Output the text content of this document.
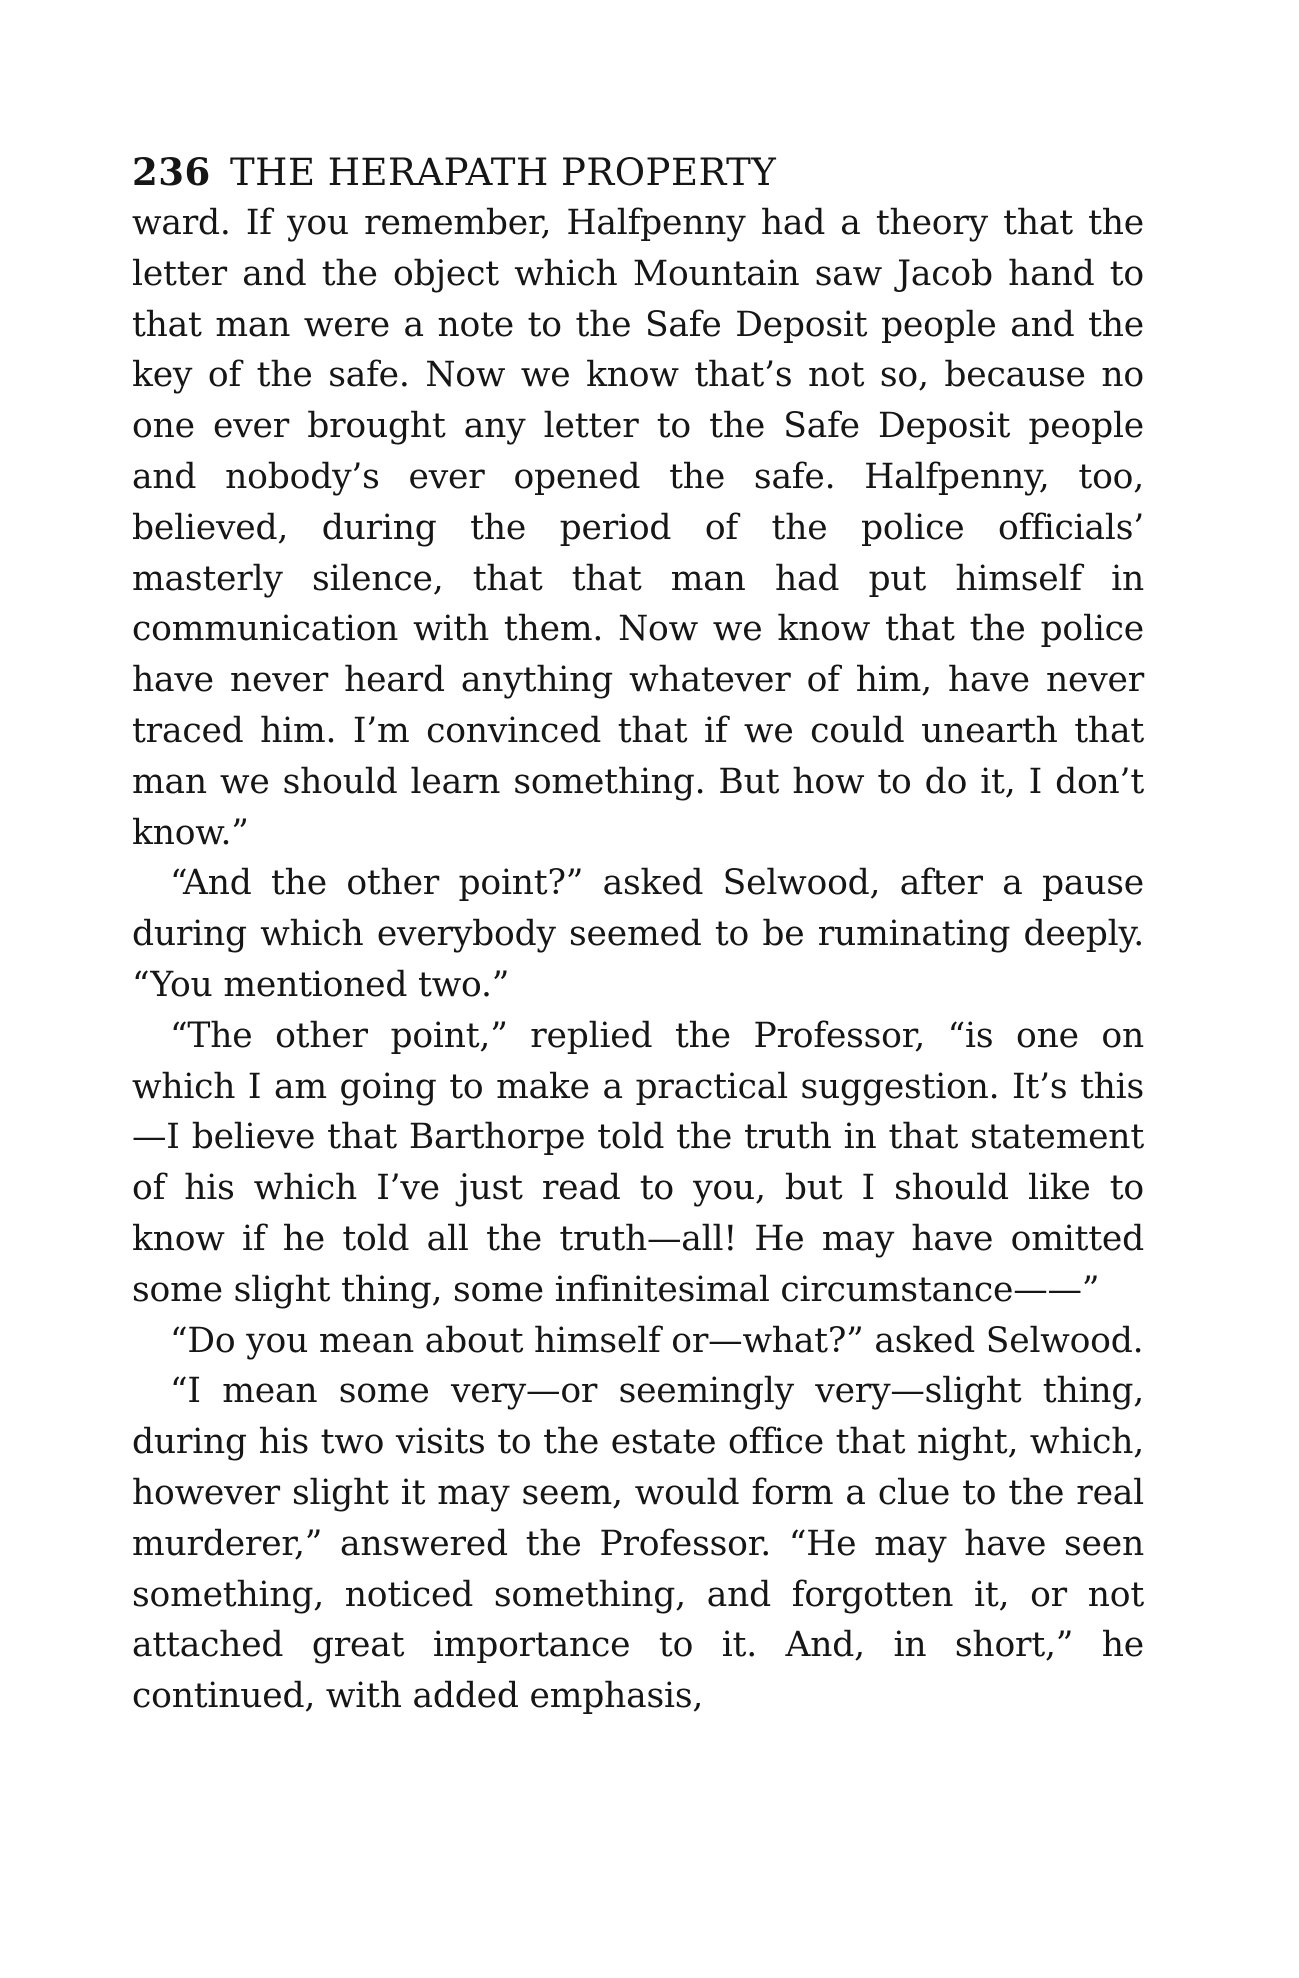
236 THE HERAPATH PROPERTY

ward. If you remember, Halfpenny had a theory that the letter and the object which Mountain saw Jacob hand to that man were a note to the Safe Deposit people and the key of the safe. Now we know that’s not so, because no one ever brought any letter to the Safe Deposit people and nobody’s ever opened the safe. Halfpenny, too, believed, during the period of the police officials’ masterly silence, that that man had put himself in communication with them. Now we know that the police have never heard anything whatever of him, have never traced him. I’m convinced that if we could unearth that man we should learn something. But how to do it, I don’t know.”

“And the other point?” asked Selwood, after a pause during which everybody seemed to be ruminating deeply. “You mentioned two.”

“The other point,” replied the Professor, “is one on which I am going to make a practical suggestion. It’s this—I believe that Barthorpe told the truth in that statement of his which I’ve just read to you, but I should like to know if he told all the truth—all! He may have omitted some slight thing, some infinitesimal circumstance——”

“Do you mean about himself or—what?” asked Selwood.

“I mean some very—or seemingly very—slight thing, during his two visits to the estate office that night, which, however slight it may seem, would form a clue to the real murderer,” answered the Professor. “He may have seen something, noticed something, and forgotten it, or not attached great importance to it. And, in short,” he continued, with added emphasis,
